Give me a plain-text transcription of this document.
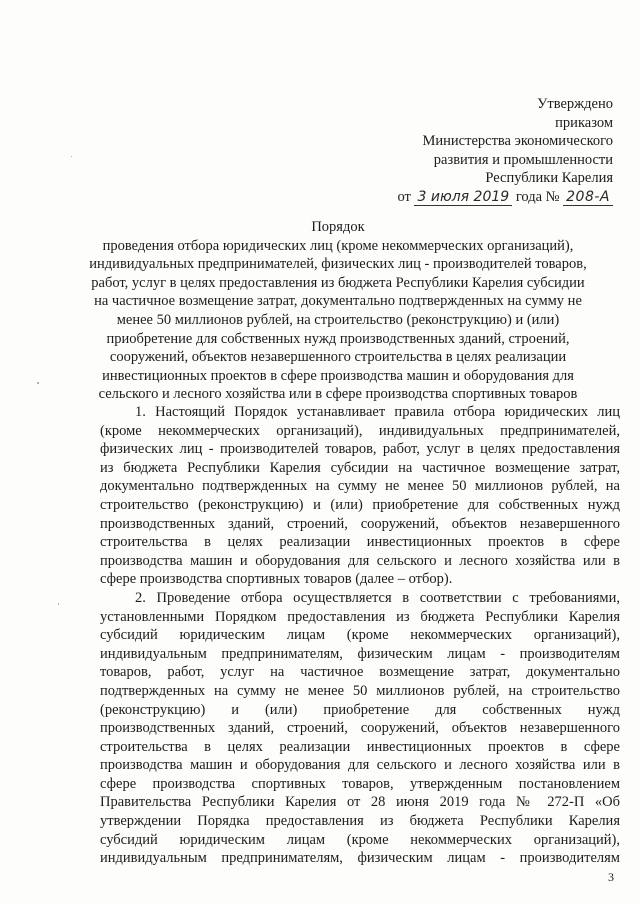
Утверждено
приказом
Министерства экономического
развития и промышленности
Республики Карелия
от 3 июля 2019 года № 208-А
Порядок
проведения отбора юридических лиц (кроме некоммерческих организаций),
индивидуальных предпринимателей, физических лиц - производителей товаров,
работ, услуг в целях предоставления из бюджета Республики Карелия субсидии
на частичное возмещение затрат, документально подтвержденных на сумму не
менее 50 миллионов рублей, на строительство (реконструкцию) и (или)
приобретение для собственных нужд производственных зданий, строений,
сооружений, объектов незавершенного строительства в целях реализации
инвестиционных проектов в сфере производства машин и оборудования для
сельского и лесного хозяйства или в сфере производства спортивных товаров
1. Настоящий Порядок устанавливает правила отбора юридических лиц
(кроме некоммерческих организаций), индивидуальных предпринимателей,
физических лиц - производителей товаров, работ, услуг в целях предоставления
из бюджета Республики Карелия субсидии на частичное возмещение затрат,
документально подтвержденных на сумму не менее 50 миллионов рублей, на
строительство (реконструкцию) и (или) приобретение для собственных нужд
производственных зданий, строений, сооружений, объектов незавершенного
строительства в целях реализации инвестиционных проектов в сфере
производства машин и оборудования для сельского и лесного хозяйства или в
сфере производства спортивных товаров (далее – отбор).
2. Проведение отбора осуществляется в соответствии с требованиями,
установленными Порядком предоставления из бюджета Республики Карелия
субсидий юридическим лицам (кроме некоммерческих организаций),
индивидуальным предпринимателям, физическим лицам - производителям
товаров, работ, услуг на частичное возмещение затрат, документально
подтвержденных на сумму не менее 50 миллионов рублей, на строительство
(реконструкцию) и (или) приобретение для собственных нужд
производственных зданий, строений, сооружений, объектов незавершенного
строительства в целях реализации инвестиционных проектов в сфере
производства машин и оборудования для сельского и лесного хозяйства или в
сфере производства спортивных товаров, утвержденным постановлением
Правительства Республики Карелия от 28 июня 2019 года № 272-П «Об
утверждении Порядка предоставления из бюджета Республики Карелия
субсидий юридическим лицам (кроме некоммерческих организаций),
индивидуальным предпринимателям, физическим лицам - производителям
3
